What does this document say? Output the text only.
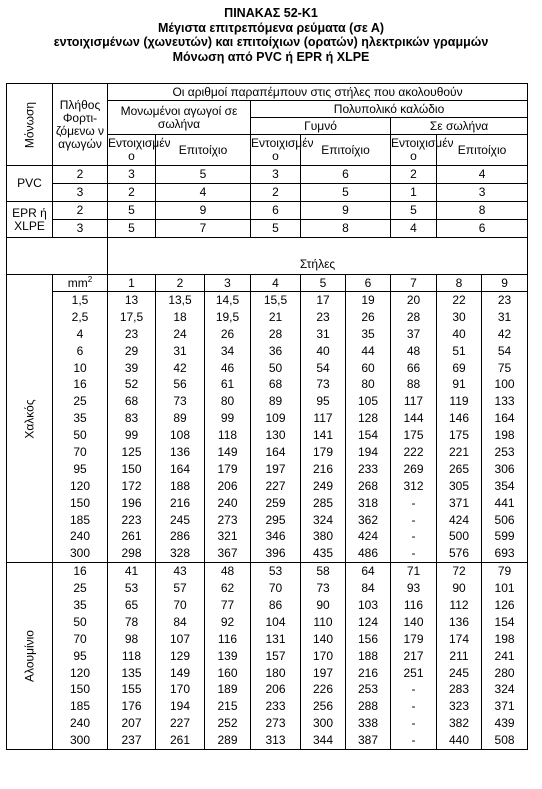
ΠΙΝΑΚΑΣ 52-Κ1
Μέγιστα επιτρεπόμενα ρεύματα (σε Α)
εντοιχισμένων (χωνευτών) και επιτοίχιων (ορατών) ηλεκτρικών γραμμών
Μόνωση από PVC ή EPR ή XLPE
Μόνωση	Πλήθος Φορτι-ζόμενω ν αγωγών	Οι αριθμοί παραπέμπουν στις στήλες που ακολουθούν								
		Μονωμένοι αγωγοί σε σωλήνα			Πολυπολικό καλώδιο					
					Γυμνό			Σε σωλήνα		
		Εντοιχισμέν ο	Επιτοίχιο		Εντοιχισμέν ο	Επιτοίχιο		Εντοιχισμέν ο	Επιτοίχιο	
PVC	2	3	5		3	6		2	4	
	3	2	4		2	5		1	3	
EPR ή XLPE	2	5	9		6	9		5	8	
	3	5	7		5	8		4	6	
		Στήλες								

Χαλκός	$mm^2$	1	2	3	4	5	6	7	8	9
	1,5	13	13,5	14,5	15,5	17	19	20	22	23
	2,5	17,5	18	19,5	21	23	26	28	30	31
	4	23	24	26	28	31	35	37	40	42
	6	29	31	34	36	40	44	48	51	54
	10	39	42	46	50	54	60	66	69	75
	16	52	56	61	68	73	80	88	91	100
	25	68	73	80	89	95	105	117	119	133
	35	83	89	99	109	117	128	144	146	164
	50	99	108	118	130	141	154	175	175	198
	70	125	136	149	164	179	194	222	221	253
	95	150	164	179	197	216	233	269	265	306
	120	172	188	206	227	249	268	312	305	354
	150	196	216	240	259	285	318	-	371	441
	185	223	245	273	295	324	362	-	424	506
	240	261	286	321	346	380	424	-	500	599
	300	298	328	367	396	435	486	-	576	693

Αλουμίνιο	16	41	43	48	53	58	64	71	72	79
	25	53	57	62	70	73	84	93	90	101
	35	65	70	77	86	90	103	116	112	126
	50	78	84	92	104	110	124	140	136	154
	70	98	107	116	131	140	156	179	174	198
	95	118	129	139	157	170	188	217	211	241
	120	135	149	160	180	197	216	251	245	280
	150	155	170	189	206	226	253	-	283	324
	185	176	194	215	233	256	288	-	323	371
	240	207	227	252	273	300	338	-	382	439
	300	237	261	289	313	344	387	-	440	508
